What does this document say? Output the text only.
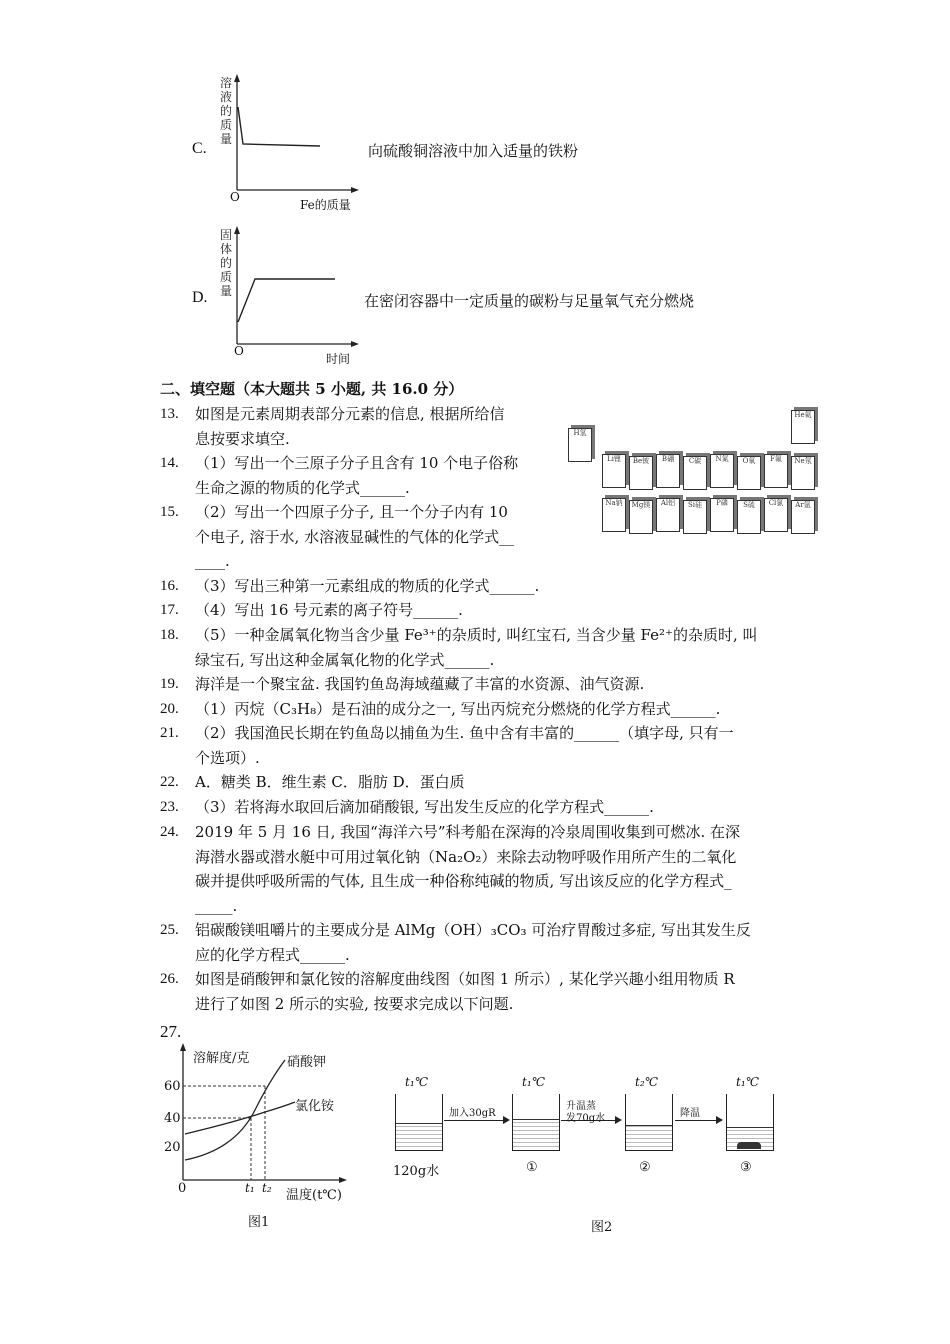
C.
溶液的质量
O
Fe的质量
向硫酸铜溶液中加入适量的铁粉
D.
固体的质量
O
时间
在密闭容器中一定质量的碳粉与足量氧气充分燃烧
二、填空题（本大题共 5 小题, 共 16.0 分）
H氢
He氦
Li锂	Be铍	B硼	C碳	N氮	O氧	F氟	Ne氖
Na钠	Mg镁	Al铝	Si硅	P磷	S硫	Cl氯	Ar氩
13.	如图是元素周期表部分元素的信息, 根据所给信
息按要求填空.
14.	（1）写出一个三原子分子且含有 10 个电子俗称
生命之源的物质的化学式______.
15.	（2）写出一个四原子分子, 且一个分子内有 10
个电子, 溶于水, 水溶液显碱性的气体的化学式__
____.
16.	（3）写出三种第一元素组成的物质的化学式______.
17.	（4）写出 16 号元素的离子符号______.
18.	（5）一种金属氧化物当含少量 Fe³⁺的杂质时, 叫红宝石, 当含少量 Fe²⁺的杂质时, 叫
绿宝石, 写出这种金属氧化物的化学式______.
19.	海洋是一个聚宝盆. 我国钓鱼岛海域蕴藏了丰富的水资源、油气资源.
20.	（1）丙烷（C₃H₈）是石油的成分之一, 写出丙烷充分燃烧的化学方程式______.
21.	（2）我国渔民长期在钓鱼岛以捕鱼为生. 鱼中含有丰富的______（填字母, 只有一
个选项）.
22.	A．糖类 B．维生素 C．脂肪 D．蛋白质
23.	（3）若将海水取回后滴加硝酸银, 写出发生反应的化学方程式______.
24.	2019 年 5 月 16 日, 我国“海洋六号”科考船在深海的冷泉周围收集到可燃冰. 在深
海潜水器或潜水艇中可用过氧化钠（Na₂O₂）来除去动物呼吸作用所产生的二氧化
碳并提供呼吸所需的气体, 且生成一种俗称纯碱的物质, 写出该反应的化学方程式_
_____.
25.	铝碳酸镁咀嚼片的主要成分是 AlMg（OH）₃CO₃ 可治疗胃酸过多症, 写出其发生反
应的化学方程式______.
26.	如图是硝酸钾和氯化铵的溶解度曲线图（如图 1 所示）, 某化学兴趣小组用物质 R
进行了如图 2 所示的实验, 按要求完成以下问题.
27.
溶解度/克	硝酸钾
氯化铵
60
40
20
0	t₁ t₂ 温度(t℃)
图1
t₁℃
120g水
t₁℃
①
t₂℃
②
t₁℃
③
加入30gR
升温蒸
发70g水	降温
图2
